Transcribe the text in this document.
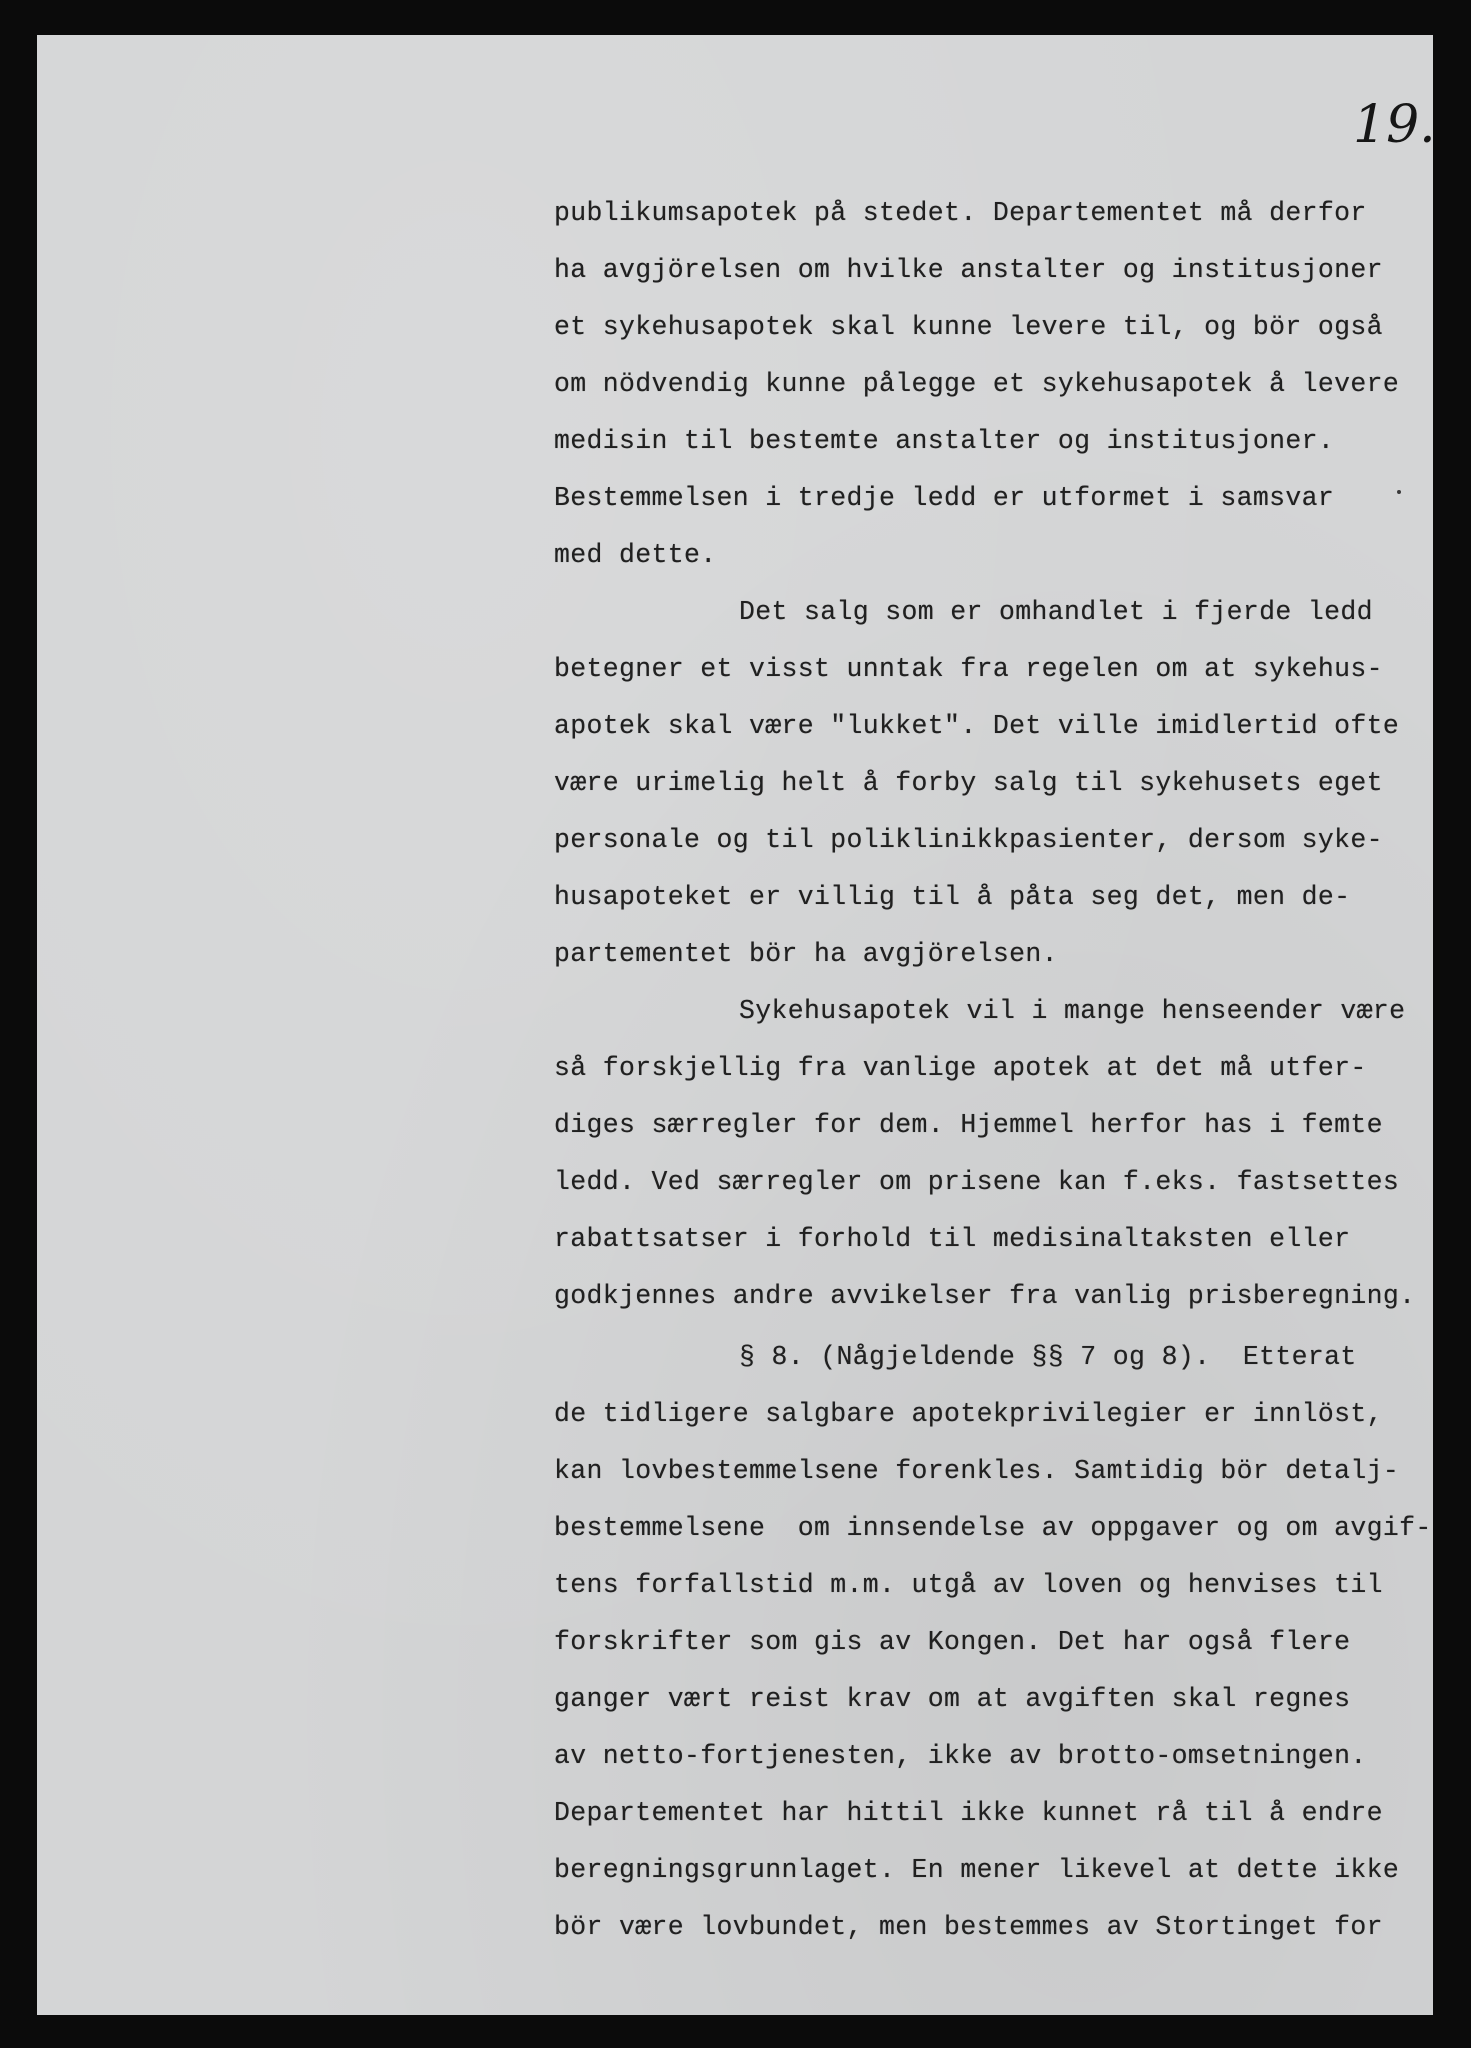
19.

publikumsapotek på stedet. Departementet må derfor
ha avgjörelsen om hvilke anstalter og institusjoner
et sykehusapotek skal kunne levere til, og bör også
om nödvendig kunne pålegge et sykehusapotek å levere
medisin til bestemte anstalter og institusjoner.
Bestemmelsen i tredje ledd er utformet i samsvar
med dette.
Det salg som er omhandlet i fjerde ledd
betegner et visst unntak fra regelen om at sykehus-
apotek skal være "lukket". Det ville imidlertid ofte
være urimelig helt å forby salg til sykehusets eget
personale og til poliklinikkpasienter, dersom syke-
husapoteket er villig til å påta seg det, men de-
partementet bör ha avgjörelsen.
Sykehusapotek vil i mange henseender være
så forskjellig fra vanlige apotek at det må utfer-
diges særregler for dem. Hjemmel herfor has i femte
ledd. Ved særregler om prisene kan f.eks. fastsettes
rabattsatser i forhold til medisinaltaksten eller
godkjennes andre avvikelser fra vanlig prisberegning.
§ 8. (Någjeldende §§ 7 og 8).  Etterat
de tidligere salgbare apotekprivilegier er innlöst,
kan lovbestemmelsene forenkles. Samtidig bör detalj-
bestemmelsene  om innsendelse av oppgaver og om avgif-
tens forfallstid m.m. utgå av loven og henvises til
forskrifter som gis av Kongen. Det har også flere
ganger vært reist krav om at avgiften skal regnes
av netto-fortjenesten, ikke av brotto-omsetningen.
Departementet har hittil ikke kunnet rå til å endre
beregningsgrunnlaget. En mener likevel at dette ikke
bör være lovbundet, men bestemmes av Stortinget for
